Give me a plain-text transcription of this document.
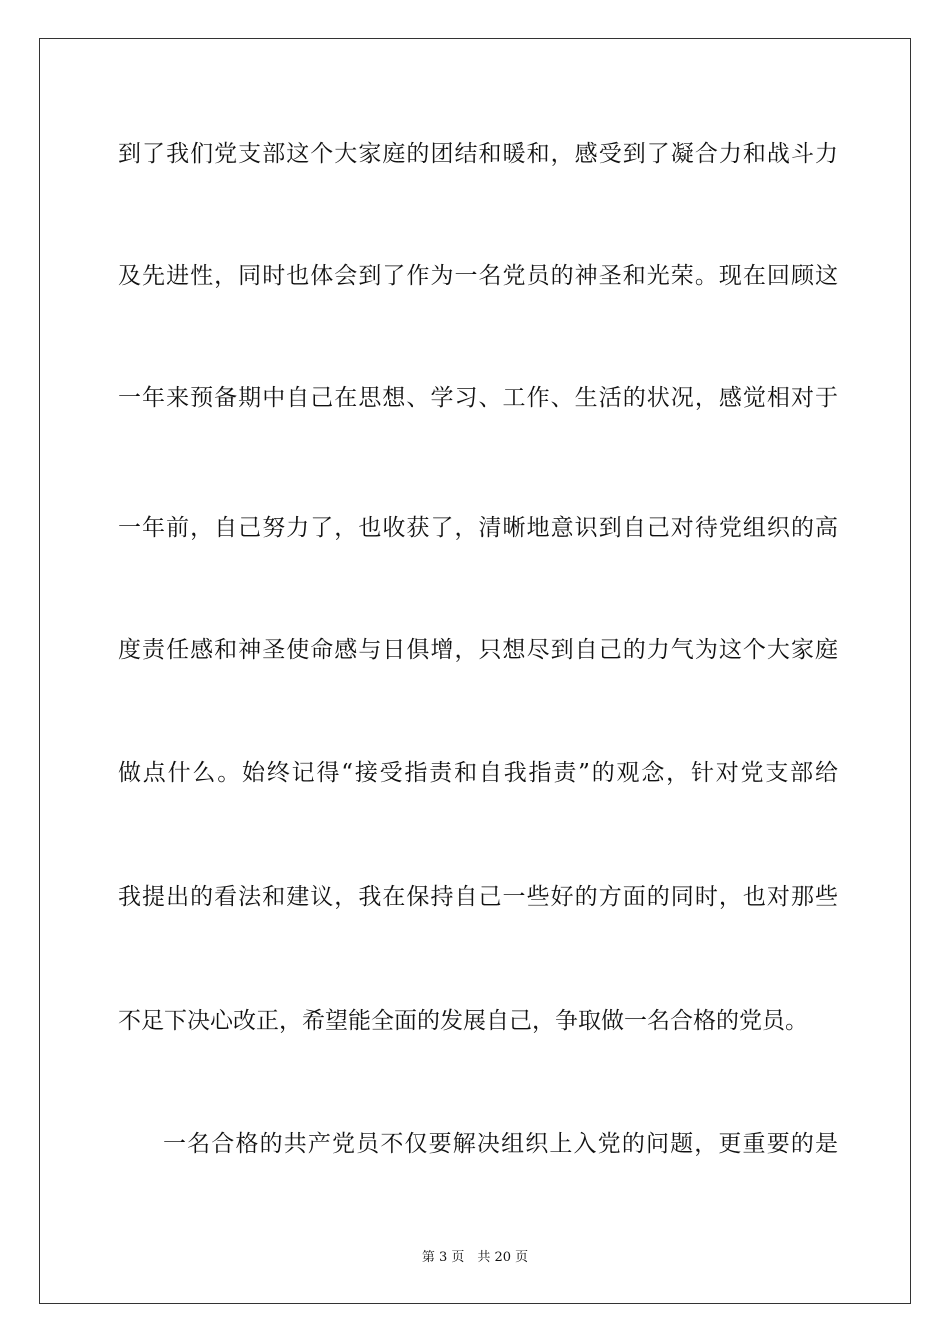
到了我们党支部这个大家庭的团结和暖和，感受到了凝合力和战斗力
及先进性，同时也体会到了作为一名党员的神圣和光荣。现在回顾这
一年来预备期中自己在思想、学习、工作、生活的状况，感觉相对于
一年前，自己努力了，也收获了，清晰地意识到自己对待党组织的高
度责任感和神圣使命感与日俱增，只想尽到自己的力气为这个大家庭
做点什么。始终记得“接受指责和自我指责”的观念，针对党支部给
我提出的看法和建议，我在保持自己一些好的方面的同时，也对那些
不足下决心改正，希望能全面的发展自己，争取做一名合格的党员。
一名合格的共产党员不仅要解决组织上入党的问题，更重要的是
第 3 页　共 20 页
